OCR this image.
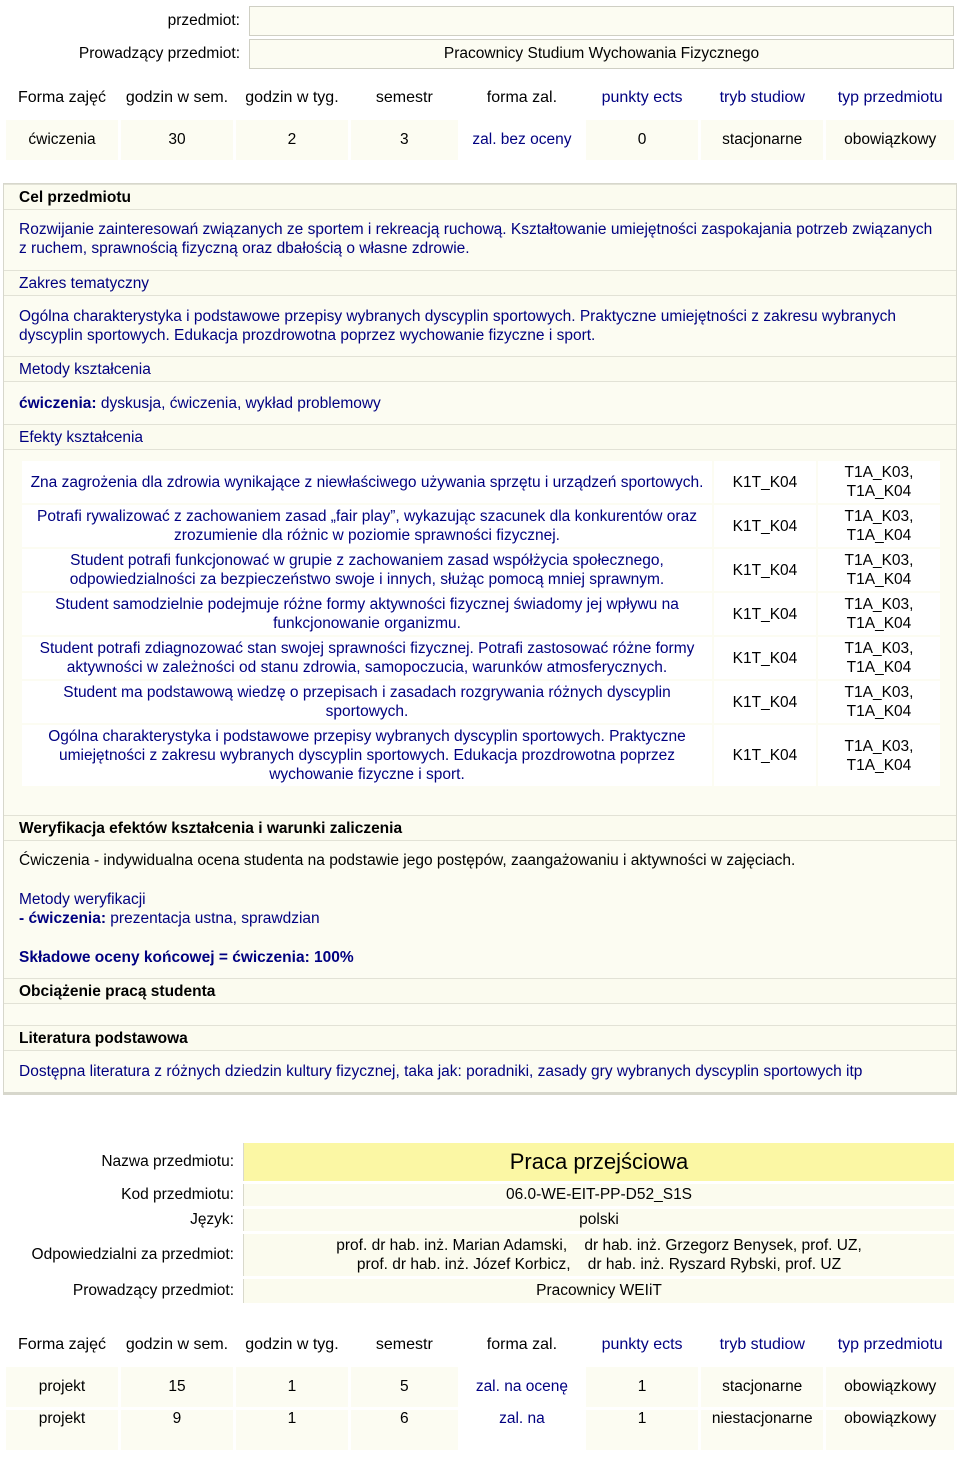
przedmiot:	
Prowadzący przedmiot:	Pracownicy Studium Wychowania Fizycznego
Forma zajęć	godzin w sem.	godzin w tyg.	semestr	forma zal.	punkty ects	tryb studiow	typ przedmiotu
ćwiczenia	30	2	3	zal. bez oceny	0	stacjonarne	obowiązkowy
Cel przedmiotu
Rozwijanie zainteresowań związanych ze sportem i rekreacją ruchową. Kształtowanie umiejętności zaspokajania potrzeb związanych z ruchem, sprawnością fizyczną oraz dbałością o własne zdrowie.
Zakres tematyczny
Ogólna charakterystyka i podstawowe przepisy wybranych dyscyplin sportowych. Praktyczne umiejętności z zakresu wybranych dyscyplin sportowych. Edukacja prozdrowotna poprzez wychowanie fizyczne i sport.
Metody kształcenia
ćwiczenia: dyskusja, ćwiczenia, wykład problemowy
Efekty kształcenia
Zna zagrożenia dla zdrowia wynikające z niewłaściwego używania sprzętu i urządzeń sportowych.	K1T_K04	T1A_K03, T1A_K04
Potrafi rywalizować z zachowaniem zasad „fair play”, wykazując szacunek dla konkurentów oraz zrozumienie dla różnic w poziomie sprawności fizycznej.	K1T_K04	T1A_K03, T1A_K04
Student potrafi funkcjonować w grupie z zachowaniem zasad współżycia społecznego, odpowiedzialności za bezpieczeństwo swoje i innych, służąc pomocą mniej sprawnym.	K1T_K04	T1A_K03, T1A_K04
Student samodzielnie podejmuje różne formy aktywności fizycznej świadomy jej wpływu na funkcjonowanie organizmu.	K1T_K04	T1A_K03, T1A_K04
Student potrafi zdiagnozować stan swojej sprawności fizycznej. Potrafi zastosować różne formy aktywności w zależności od stanu zdrowia, samopoczucia, warunków atmosferycznych.	K1T_K04	T1A_K03, T1A_K04
Student ma podstawową wiedzę o przepisach i zasadach rozgrywania różnych dyscyplin sportowych.	K1T_K04	T1A_K03, T1A_K04
Ogólna charakterystyka i podstawowe przepisy wybranych dyscyplin sportowych. Praktyczne umiejętności z zakresu wybranych dyscyplin sportowych. Edukacja prozdrowotna poprzez wychowanie fizyczne i sport.	K1T_K04	T1A_K03, T1A_K04
Weryfikacja efektów kształcenia i warunki zaliczenia
Ćwiczenia - indywidualna ocena studenta na podstawie jego postępów, zaangażowaniu i aktywności w zajęciach.
Metody weryfikacji
- ćwiczenia: prezentacja ustna, sprawdzian
Składowe oceny końcowej = ćwiczenia: 100%
Obciążenie pracą studenta
Literatura podstawowa
Dostępna literatura z różnych dziedzin kultury fizycznej, taka jak: poradniki, zasady gry wybranych dyscyplin sportowych itp
Nazwa przedmiotu:	Praca przejściowa
Kod przedmiotu:	06.0-WE-EIT-PP-D52_S1S
Język:	polski
Odpowiedzialni za przedmiot:	prof. dr hab. inż. Marian Adamski,    dr hab. inż. Grzegorz Benysek, prof. UZ,
prof. dr hab. inż. Józef Korbicz,    dr hab. inż. Ryszard Rybski, prof. UZ

Prowadzący przedmiot:	Pracownicy WEIiT
Forma zajęć	godzin w sem.	godzin w tyg.	semestr	forma zal.	punkty ects	tryb studiow	typ przedmiotu
projekt	15	1	5	zal. na ocenę	1	stacjonarne	obowiązkowy
projekt	9	1	6	zal. na	1	niestacjonarne	obowiązkowy
